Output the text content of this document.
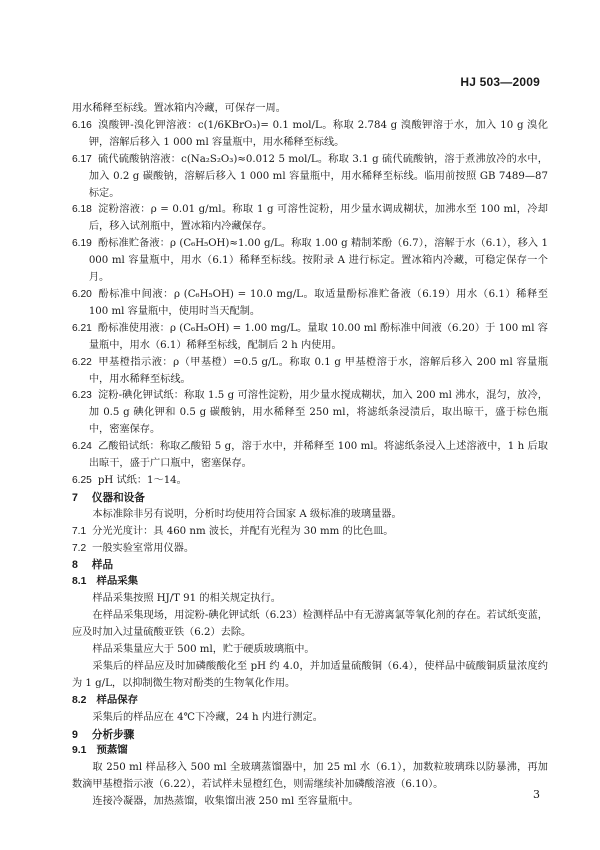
HJ 503—2009

用水稀释至标线。置冰箱内冷藏，可保存一周。

6.16 溴酸钾-溴化钾溶液：c(1/6KBrO₃)= 0.1 mol/L。称取 2.784 g 溴酸钾溶于水，加入 10 g 溴化钾，溶解后移入 1 000 ml 容量瓶中，用水稀释至标线。

6.17 硫代硫酸钠溶液：c(Na₂S₂O₃)≈0.012 5 mol/L。称取 3.1 g 硫代硫酸钠，溶于煮沸放冷的水中，加入 0.2 g 碳酸钠，溶解后移入 1 000 ml 容量瓶中，用水稀释至标线。临用前按照 GB 7489—87 标定。

6.18 淀粉溶液：ρ = 0.01 g/ml。称取 1 g 可溶性淀粉，用少量水调成糊状，加沸水至 100 ml，冷却后，移入试剂瓶中，置冰箱内冷藏保存。

6.19 酚标准贮备液：ρ (C₆H₅OH)≈1.00 g/L。称取 1.00 g 精制苯酚（6.7），溶解于水（6.1），移入 1 000 ml 容量瓶中，用水（6.1）稀释至标线。按附录 A 进行标定。置冰箱内冷藏，可稳定保存一个月。

6.20 酚标准中间液：ρ (C₆H₅OH) = 10.0 mg/L。取适量酚标准贮备液（6.19）用水（6.1）稀释至 100 ml 容量瓶中，使用时当天配制。

6.21 酚标准使用液：ρ (C₆H₅OH) = 1.00 mg/L。量取 10.00 ml 酚标准中间液（6.20）于 100 ml 容量瓶中，用水（6.1）稀释至标线，配制后 2 h 内使用。

6.22 甲基橙指示液：ρ（甲基橙）=0.5 g/L。称取 0.1 g 甲基橙溶于水，溶解后移入 200 ml 容量瓶中，用水稀释至标线。

6.23 淀粉-碘化钾试纸：称取 1.5 g 可溶性淀粉，用少量水搅成糊状，加入 200 ml 沸水，混匀，放冷，加 0.5 g 碘化钾和 0.5 g 碳酸钠，用水稀释至 250 ml，将滤纸条浸渍后，取出晾干，盛于棕色瓶中，密塞保存。

6.24 乙酸铅试纸：称取乙酸铅 5 g，溶于水中，并稀释至 100 ml。将滤纸条浸入上述溶液中，1 h 后取出晾干，盛于广口瓶中，密塞保存。

6.25 pH 试纸：1～14。

7 仪器和设备

本标准除非另有说明，分析时均使用符合国家 A 级标准的玻璃量器。

7.1 分光光度计：具 460 nm 波长，并配有光程为 30 mm 的比色皿。

7.2 一般实验室常用仪器。

8 样品

8.1 样品采集

样品采集按照 HJ/T 91 的相关规定执行。

在样品采集现场，用淀粉-碘化钾试纸（6.23）检测样品中有无游离氯等氧化剂的存在。若试纸变蓝，应及时加入过量硫酸亚铁（6.2）去除。

样品采集量应大于 500 ml，贮于硬质玻璃瓶中。

采集后的样品应及时加磷酸酸化至 pH 约 4.0，并加适量硫酸铜（6.4），使样品中硫酸铜质量浓度约为 1 g/L，以抑制微生物对酚类的生物氧化作用。

8.2 样品保存

采集后的样品应在 4℃下冷藏，24 h 内进行测定。

9 分析步骤

9.1 预蒸馏

取 250 ml 样品移入 500 ml 全玻璃蒸馏器中，加 25 ml 水（6.1），加数粒玻璃珠以防暴沸，再加数滴甲基橙指示液（6.22），若试样未显橙红色，则需继续补加磷酸溶液（6.10）。

连接冷凝器，加热蒸馏，收集馏出液 250 ml 至容量瓶中。

3
